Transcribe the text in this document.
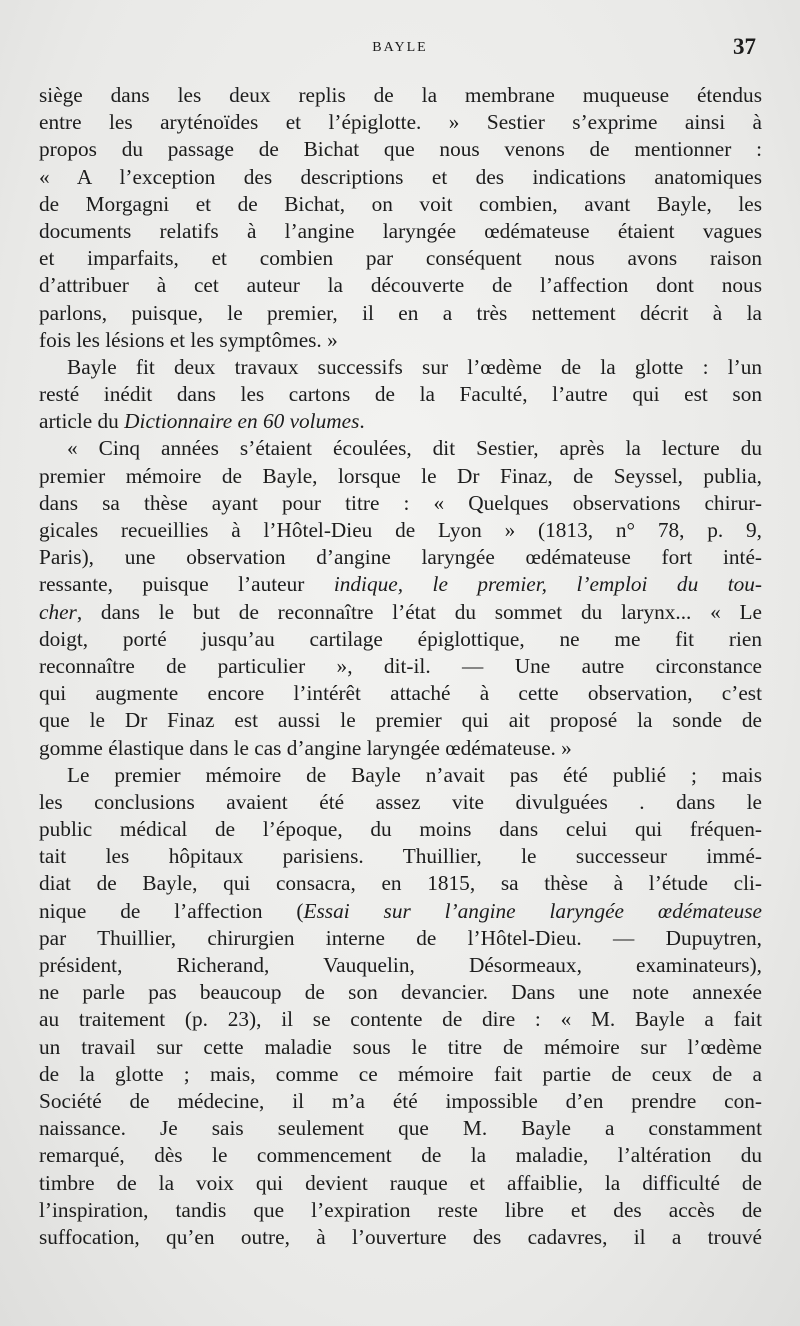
BAYLE	37
siège dans les deux replis de la membrane muqueuse étendus
entre les aryténoïdes et l’épiglotte. » Sestier s’exprime ainsi à
propos du passage de Bichat que nous venons de mentionner :
« A l’exception des descriptions et des indications anatomiques
de Morgagni et de Bichat, on voit combien, avant Bayle, les
documents relatifs à l’angine laryngée œdémateuse étaient vagues
et imparfaits, et combien par conséquent nous avons raison
d’attribuer à cet auteur la découverte de l’affection dont nous
parlons, puisque, le premier, il en a très nettement décrit à la
fois les lésions et les symptômes. »
Bayle fit deux travaux successifs sur l’œdème de la glotte : l’un
resté inédit dans les cartons de la Faculté, l’autre qui est son
article du Dictionnaire en 60 volumes.
« Cinq années s’étaient écoulées, dit Sestier, après la lecture du
premier mémoire de Bayle, lorsque le Dr Finaz, de Seyssel, publia,
dans sa thèse ayant pour titre : « Quelques observations chirur-
gicales recueillies à l’Hôtel-Dieu de Lyon » (1813, n° 78, p. 9,
Paris), une observation d’angine laryngée œdémateuse fort inté-
ressante, puisque l’auteur indique, le premier, l’emploi du tou-
cher, dans le but de reconnaître l’état du sommet du larynx... « Le
doigt, porté jusqu’au cartilage épiglottique, ne me fit rien
reconnaître de particulier », dit-il. — Une autre circonstance
qui augmente encore l’intérêt attaché à cette observation, c’est
que le Dr Finaz est aussi le premier qui ait proposé la sonde de
gomme élastique dans le cas d’angine laryngée œdémateuse. »
Le premier mémoire de Bayle n’avait pas été publié ; mais
les conclusions avaient été assez vite divulguées . dans le
public médical de l’époque, du moins dans celui qui fréquen-
tait les hôpitaux parisiens. Thuillier, le successeur immé-
diat de Bayle, qui consacra, en 1815, sa thèse à l’étude cli-
nique de l’affection (Essai sur l’angine laryngée œdémateuse
par Thuillier, chirurgien interne de l’Hôtel-Dieu. — Dupuytren,
président, Richerand, Vauquelin, Désormeaux, examinateurs),
ne parle pas beaucoup de son devancier. Dans une note annexée
au traitement (p. 23), il se contente de dire : « M. Bayle a fait
un travail sur cette maladie sous le titre de mémoire sur l’œdème
de la glotte ; mais, comme ce mémoire fait partie de ceux de a
Société de médecine, il m’a été impossible d’en prendre con-
naissance. Je sais seulement que M. Bayle a constamment
remarqué, dès le commencement de la maladie, l’altération du
timbre de la voix qui devient rauque et affaiblie, la difficulté de
l’inspiration, tandis que l’expiration reste libre et des accès de
suffocation, qu’en outre, à l’ouverture des cadavres, il a trouvé
